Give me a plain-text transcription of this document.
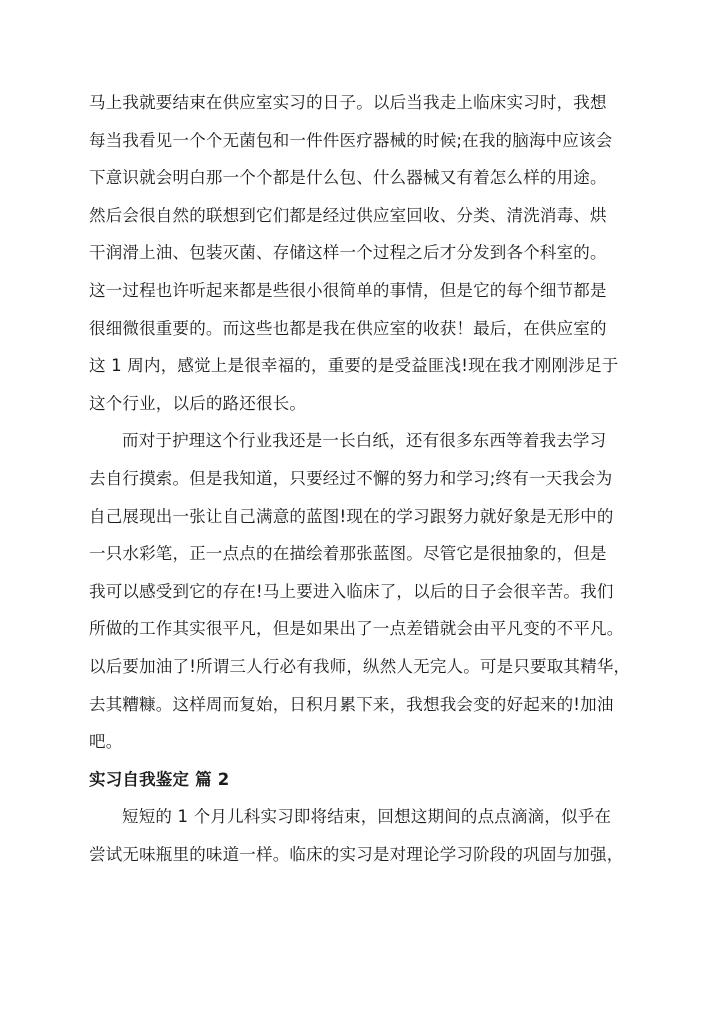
马上我就要结束在供应室实习的日子。以后当我走上临床实习时，我想
每当我看见一个个无菌包和一件件医疗器械的时候;在我的脑海中应该会
下意识就会明白那一个个都是什么包、什么器械又有着怎么样的用途。
然后会很自然的联想到它们都是经过供应室回收、分类、清洗消毒、烘
干润滑上油、包装灭菌、存储这样一个过程之后才分发到各个科室的。
这一过程也许听起来都是些很小很简单的事情，但是它的每个细节都是
很细微很重要的。而这些也都是我在供应室的收获！最后，在供应室的
这 1 周内，感觉上是很幸福的，重要的是受益匪浅!现在我才刚刚涉足于
这个行业，以后的路还很长。
而对于护理这个行业我还是一长白纸，还有很多东西等着我去学习
去自行摸索。但是我知道，只要经过不懈的努力和学习;终有一天我会为
自己展现出一张让自己满意的蓝图!现在的学习跟努力就好象是无形中的
一只水彩笔，正一点点的在描绘着那张蓝图。尽管它是很抽象的，但是
我可以感受到它的存在!马上要进入临床了，以后的日子会很辛苦。我们
所做的工作其实很平凡，但是如果出了一点差错就会由平凡变的不平凡。
以后要加油了!所谓三人行必有我师，纵然人无完人。可是只要取其精华，
去其糟糠。这样周而复始，日积月累下来，我想我会变的好起来的!加油
吧。
实习自我鉴定 篇 2
短短的 1 个月儿科实习即将结束，回想这期间的点点滴滴，似乎在
尝试无味瓶里的味道一样。临床的实习是对理论学习阶段的巩固与加强，
